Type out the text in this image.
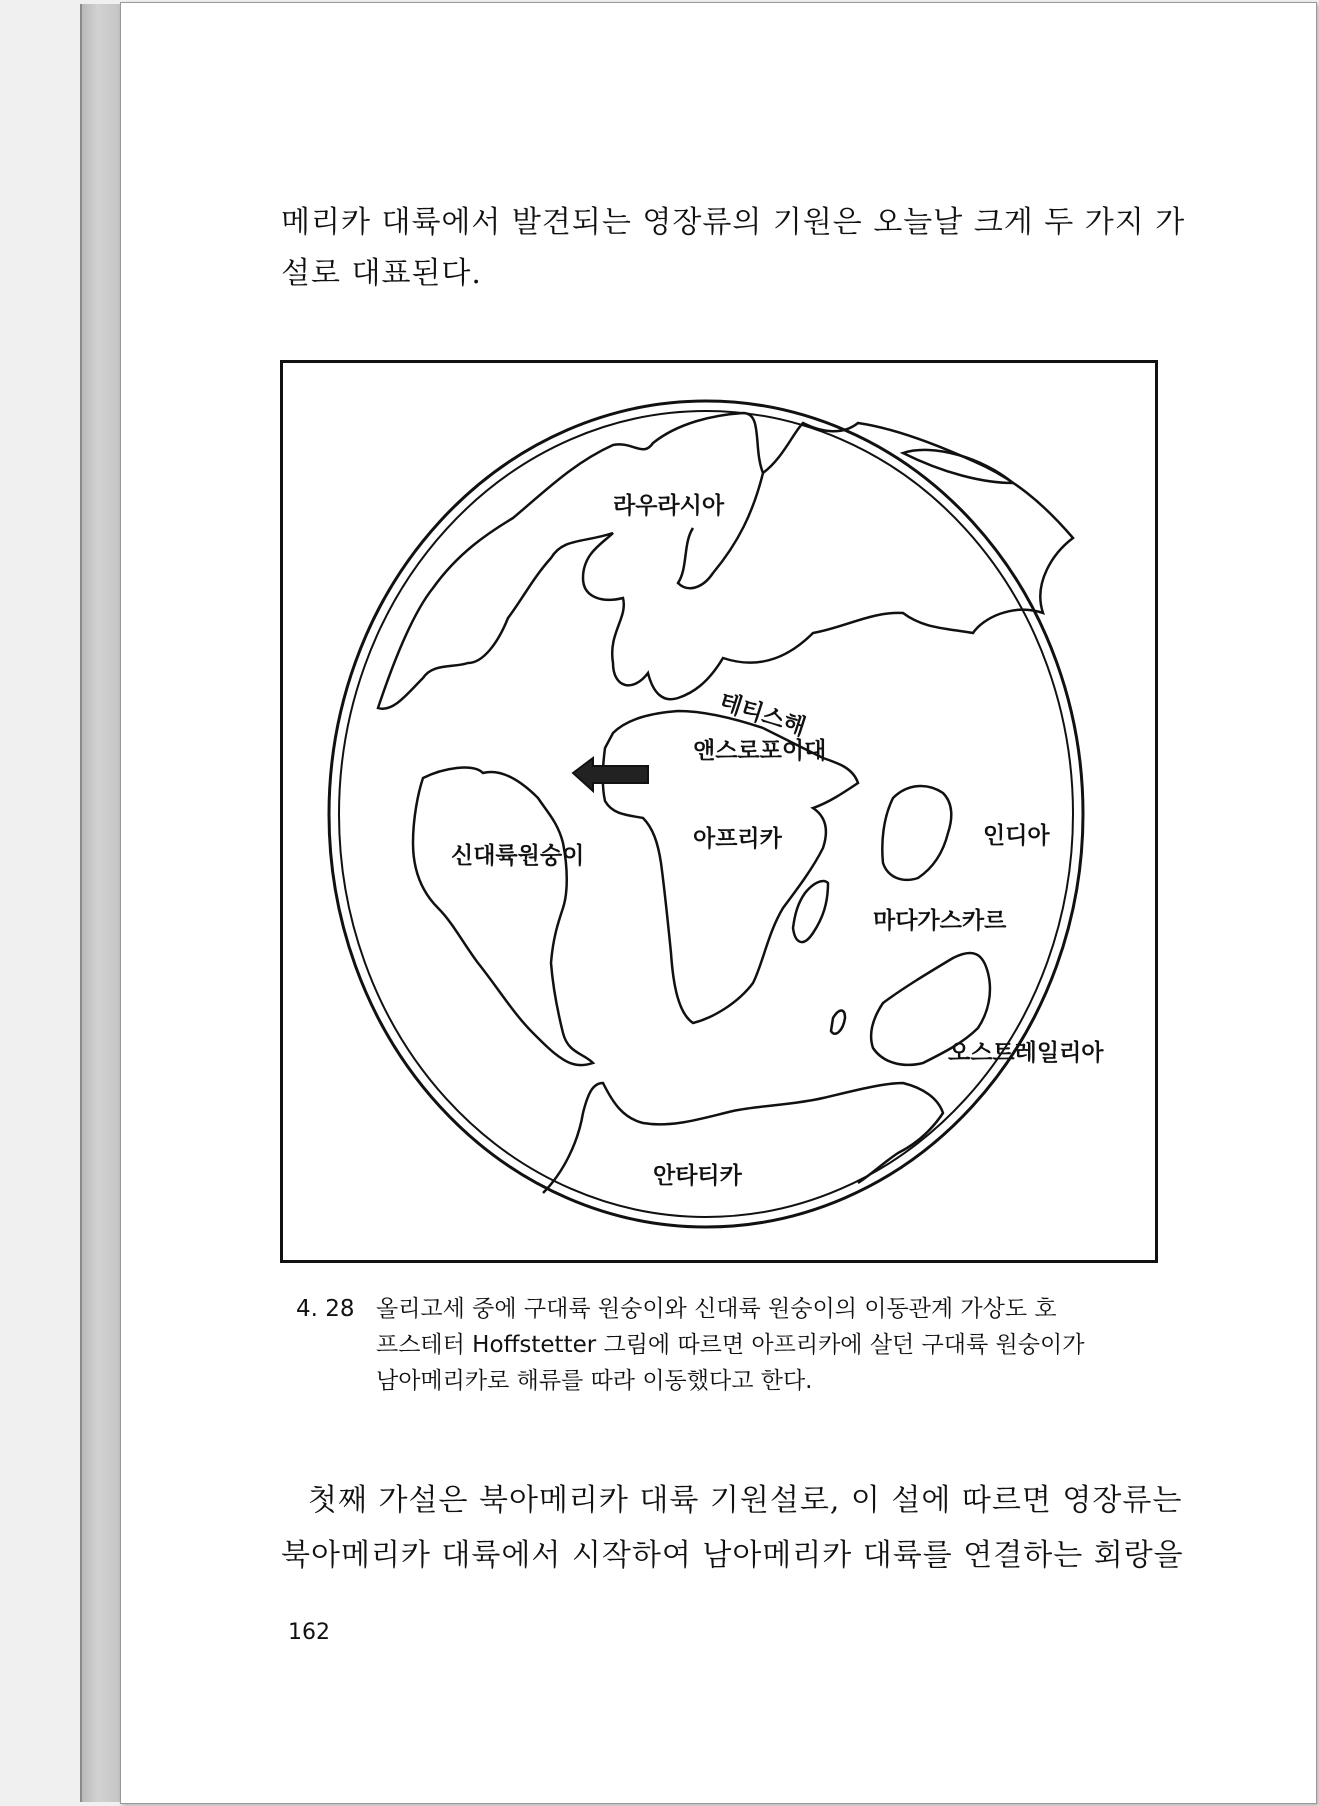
메리카 대륙에서 발견되는 영장류의 기원은 오늘날 크게 두 가지 가
설로 대표된다.
라우라시아
테티스해
앤스로포이대
아프리카
신대륙원숭이
인디아
마다가스카르
오스트레일리아
안타티카
4. 28 올리고세 중에 구대륙 원숭이와 신대륙 원숭이의 이동관계 가상도 호
프스테터 Hoffstetter 그림에 따르면 아프리카에 살던 구대륙 원숭이가
남아메리카로 해류를 따라 이동했다고 한다.
첫째 가설은 북아메리카 대륙 기원설로, 이 설에 따르면 영장류는
북아메리카 대륙에서 시작하여 남아메리카 대륙를 연결하는 회랑을
162
